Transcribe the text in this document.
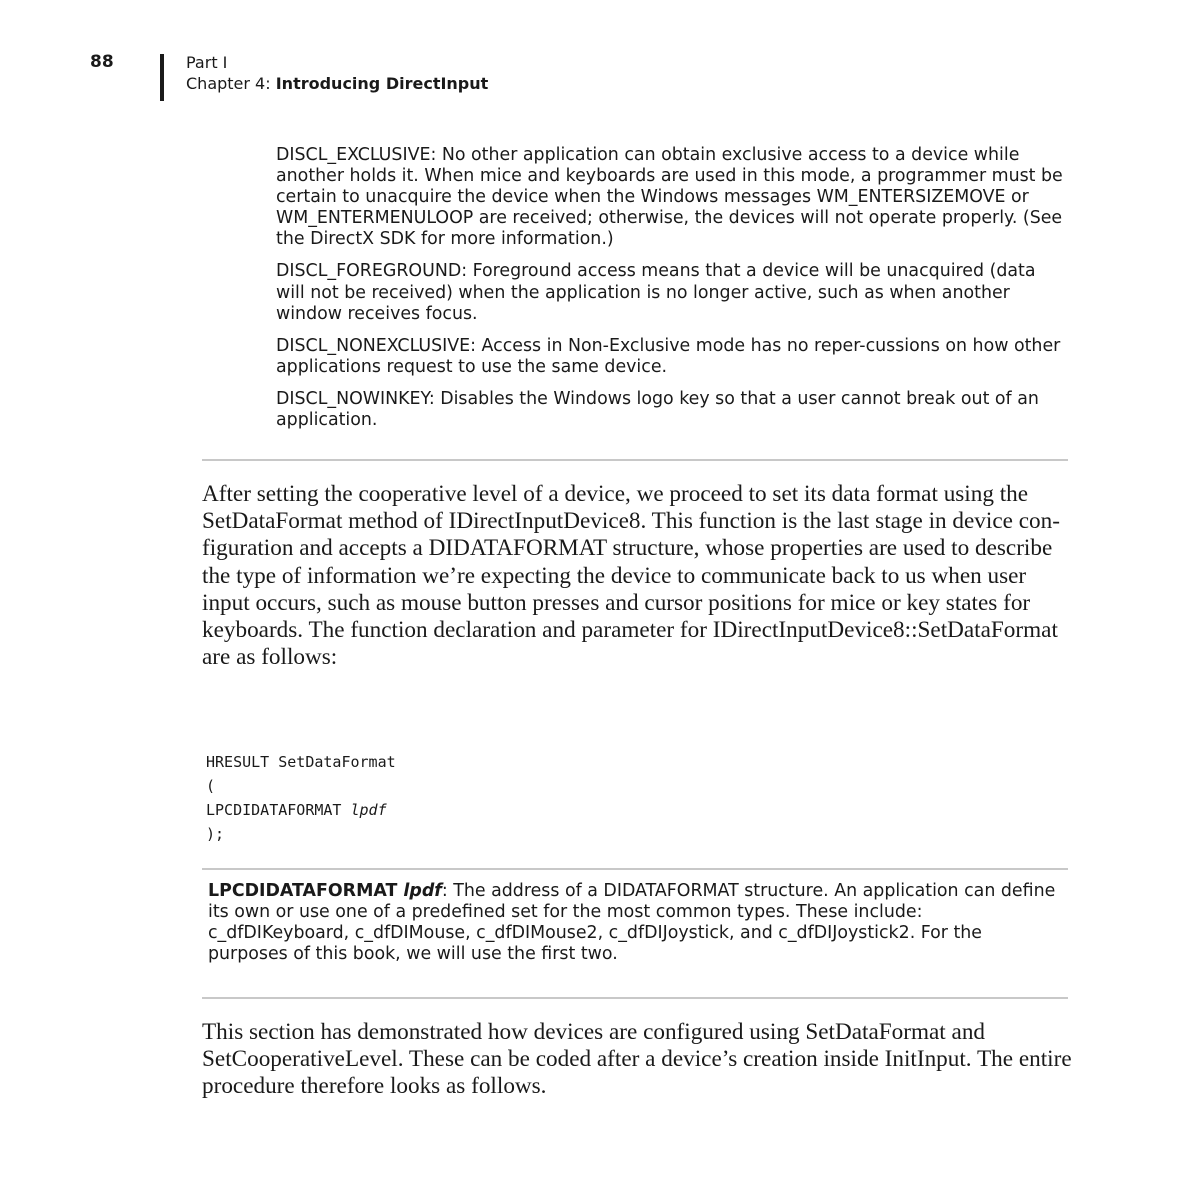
88	Part I
Chapter 4: Introducing DirectInput

DISCL_EXCLUSIVE: No other application can obtain exclusive access to a device while another holds it. When mice and keyboards are used in this mode, a programmer must be certain to unacquire the device when the Windows messages WM_ENTERSIZEMOVE or WM_ENTERMENULOOP are received; otherwise, the devices will not operate properly. (See the DirectX SDK for more information.)

DISCL_FOREGROUND: Foreground access means that a device will be unacquired (data will not be received) when the application is no longer active, such as when another window receives focus.

DISCL_NONEXCLUSIVE: Access in Non-Exclusive mode has no reper-cussions on how other applications request to use the same device.

DISCL_NOWINKEY: Disables the Windows logo key so that a user cannot break out of an application.

After setting the cooperative level of a device, we proceed to set its data format using the SetDataFormat method of IDirectInputDevice8. This function is the last stage in device con-figuration and accepts a DIDATAFORMAT structure, whose properties are used to describe the type of information we’re expecting the device to communicate back to us when user input occurs, such as mouse button presses and cursor positions for mice or key states for keyboards. The function declaration and parameter for IDirectInputDevice8::SetDataFormat are as follows:

HRESULT SetDataFormat
(
LPCDIDATAFORMAT lpdf
);

LPCDIDATAFORMAT lpdf: The address of a DIDATAFORMAT structure. An application can define its own or use one of a predefined set for the most common types. These include: c_dfDIKeyboard, c_dfDIMouse, c_dfDIMouse2, c_dfDIJoystick, and c_dfDIJoystick2. For the purposes of this book, we will use the first two.

This section has demonstrated how devices are configured using SetDataFormat and SetCooperativeLevel. These can be coded after a device’s creation inside InitInput. The entire procedure therefore looks as follows.
